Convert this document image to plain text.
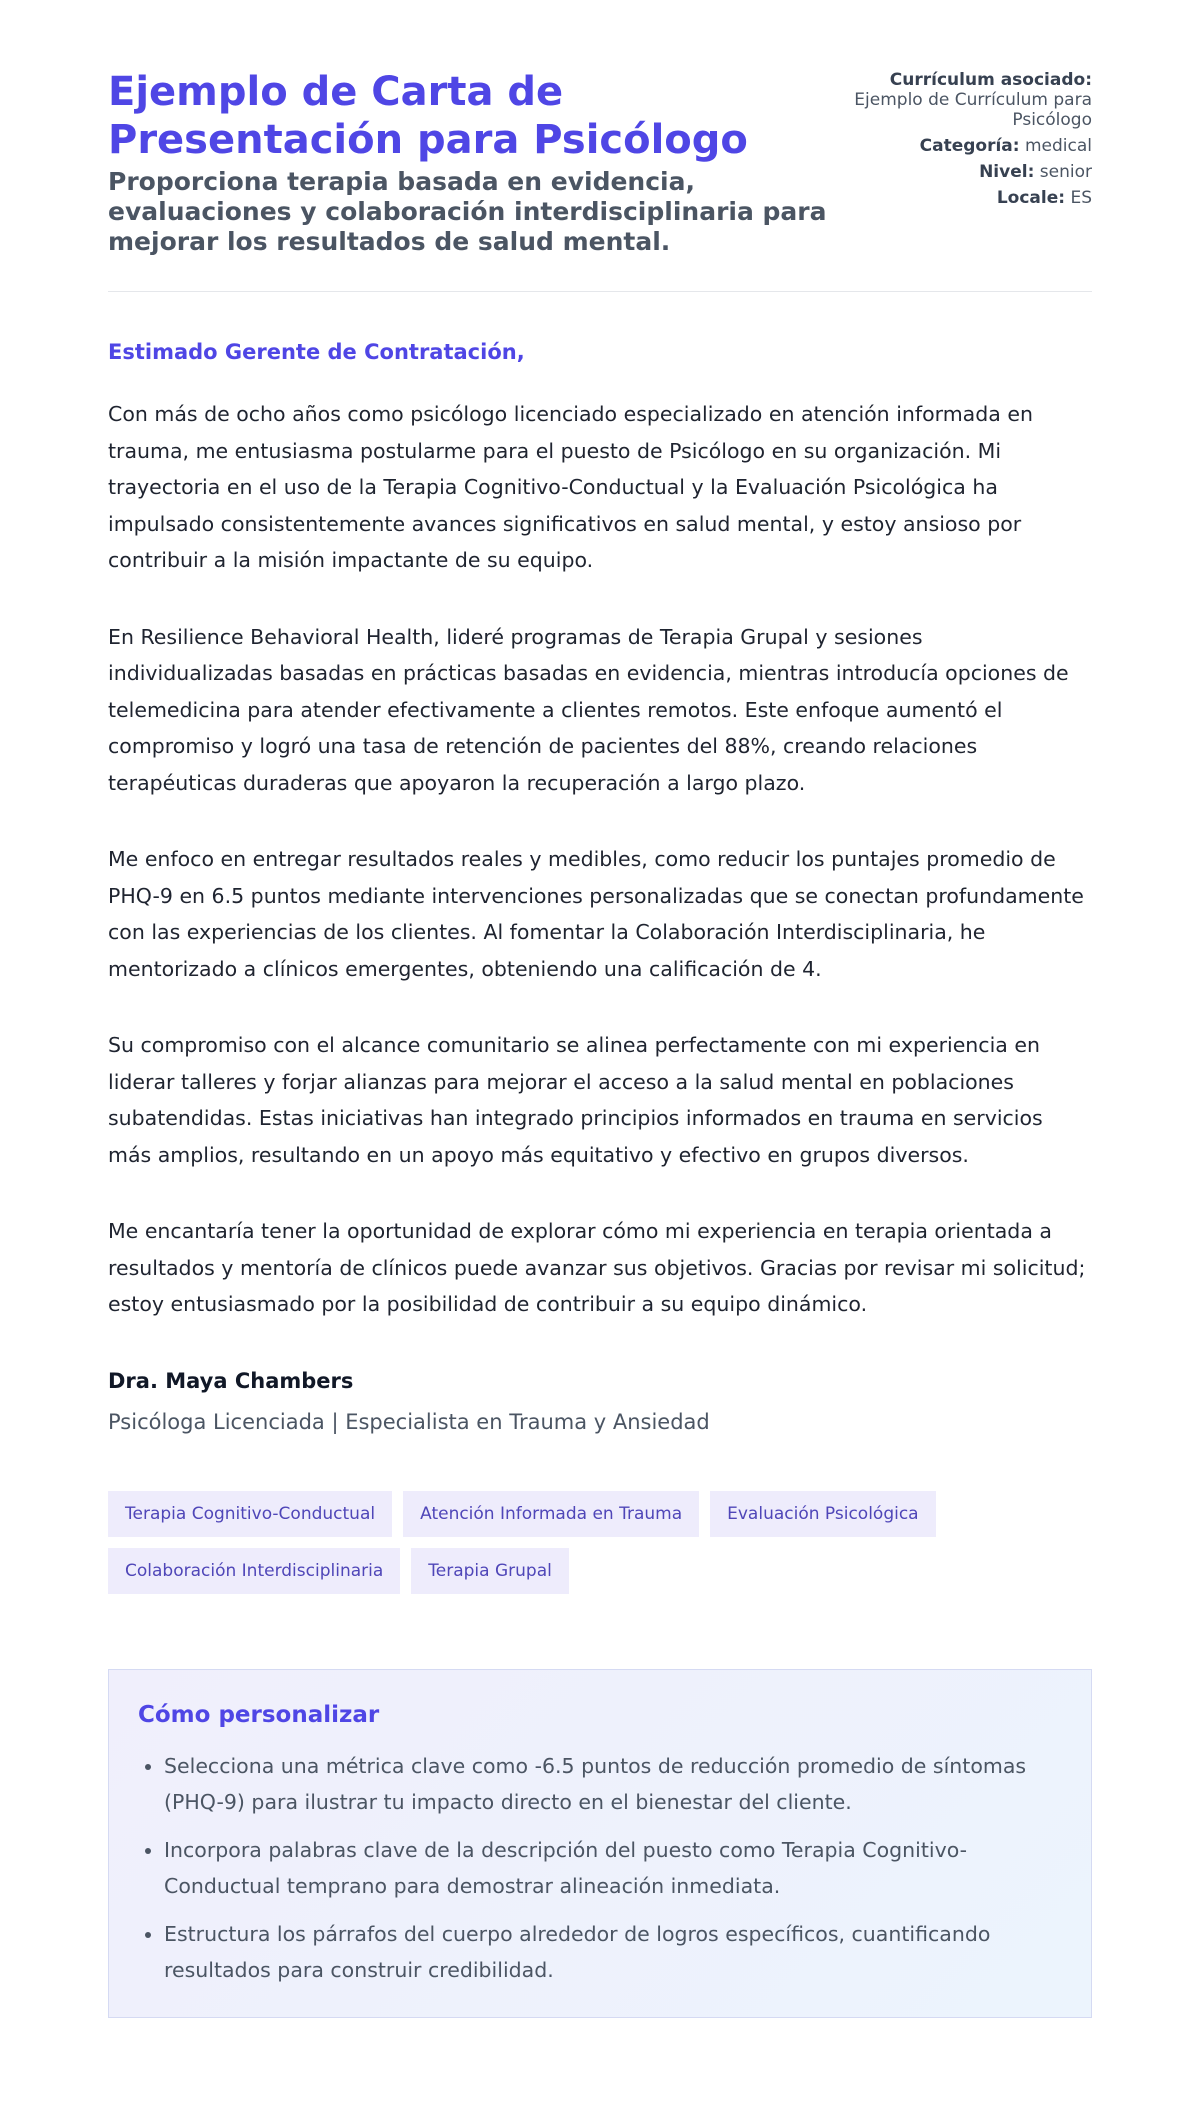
Ejemplo de Carta de Presentación para Psicólogo
Proporciona terapia basada en evidencia, evaluaciones y colaboración interdisciplinaria para mejorar los resultados de salud mental.
Currículum asociado:
Ejemplo de Currículum para Psicólogo
Categoría: medical
Nivel: senior
Locale: ES

Estimado Gerente de Contratación,

Con más de ocho años como psicólogo licenciado especializado en atención informada en trauma, me entusiasma postularme para el puesto de Psicólogo en su organización. Mi trayectoria en el uso de la Terapia Cognitivo-Conductual y la Evaluación Psicológica ha impulsado consistentemente avances significativos en salud mental, y estoy ansioso por contribuir a la misión impactante de su equipo.

En Resilience Behavioral Health, lideré programas de Terapia Grupal y sesiones individualizadas basadas en prácticas basadas en evidencia, mientras introducía opciones de telemedicina para atender efectivamente a clientes remotos. Este enfoque aumentó el compromiso y logró una tasa de retención de pacientes del 88%, creando relaciones terapéuticas duraderas que apoyaron la recuperación a largo plazo.

Me enfoco en entregar resultados reales y medibles, como reducir los puntajes promedio de PHQ-9 en 6.5 puntos mediante intervenciones personalizadas que se conectan profundamente con las experiencias de los clientes. Al fomentar la Colaboración Interdisciplinaria, he mentorizado a clínicos emergentes, obteniendo una calificación de 4.

Su compromiso con el alcance comunitario se alinea perfectamente con mi experiencia en liderar talleres y forjar alianzas para mejorar el acceso a la salud mental en poblaciones subatendidas. Estas iniciativas han integrado principios informados en trauma en servicios más amplios, resultando en un apoyo más equitativo y efectivo en grupos diversos.

Me encantaría tener la oportunidad de explorar cómo mi experiencia en terapia orientada a resultados y mentoría de clínicos puede avanzar sus objetivos. Gracias por revisar mi solicitud; estoy entusiasmado por la posibilidad de contribuir a su equipo dinámico.

Dra. Maya Chambers
Psicóloga Licenciada | Especialista en Trauma y Ansiedad
Terapia Cognitivo-Conductual	Atención Informada en Trauma	Evaluación Psicológica
Colaboración Interdisciplinaria	Terapia Grupal
Cómo personalizar
• Selecciona una métrica clave como -6.5 puntos de reducción promedio de síntomas (PHQ-9) para ilustrar tu impacto directo en el bienestar del cliente.
• Incorpora palabras clave de la descripción del puesto como Terapia Cognitivo-Conductual temprano para demostrar alineación inmediata.
• Estructura los párrafos del cuerpo alrededor de logros específicos, cuantificando resultados para construir credibilidad.
